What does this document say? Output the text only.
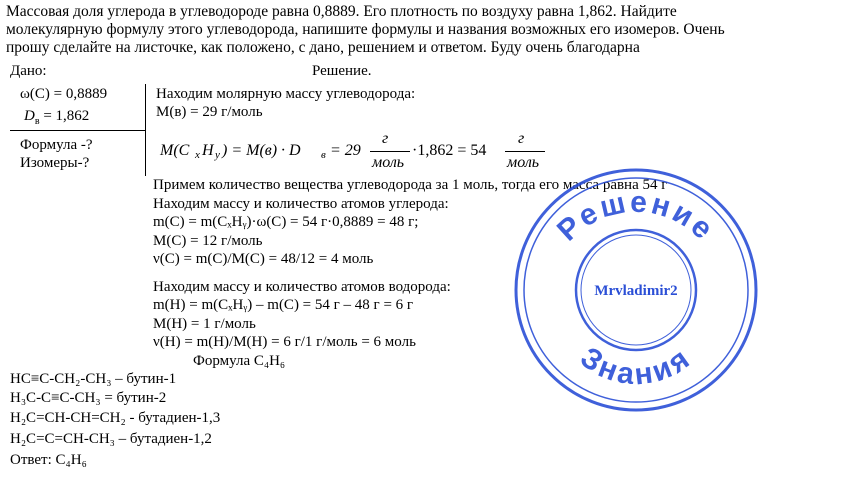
Массовая доля углерода в углеводороде равна 0,8889. Его плотность по воздуху равна 1,862. Найдите
молекулярную формулу этого углеводорода, напишите формулы и названия возможных его изомеров. Очень
прошу сделайте на листочке, как положено, с дано, решением и ответом. Буду очень благодарна
Дано:	Решение.
ω(C) = 0,8889
$D_в = 1,862$
Формула -?
Изомеры-?
Находим молярную массу углеводорода:
M(в) = 29 г/моль
M(C x H y ) = M(в) · D в = 29
г
моль
·1,862 = 54
г
моль
Примем количество вещества углеводорода за 1 моль, тогда его масса равна 54 г
Находим массу и количество атомов углерода:
m(C) = m(CₓHᵧ)·ω(C) = 54 г·0,8889 = 48 г;
M(C) = 12 г/моль
ν(C) = m(C)/M(C) = 48/12 = 4 моль
Находим массу и количество атомов водорода:
m(H) = m(CₓHᵧ) – m(C) = 54 г – 48 г = 6 г
M(H) = 1 г/моль
ν(H) = m(H)/M(H) = 6 г/1 г/моль = 6 моль
Формула C₄H₆
HC≡C-CH₂-CH₃ – бутин-1
H₃C-C≡C-CH₃ = бутин-2
H₂C=CH-CH=CH₂ - бутадиен-1,3
H₂C=C=CH-CH₃ – бутадиен-1,2
Ответ: C₄H₆
Решение
Знания
Mrvladimir2
